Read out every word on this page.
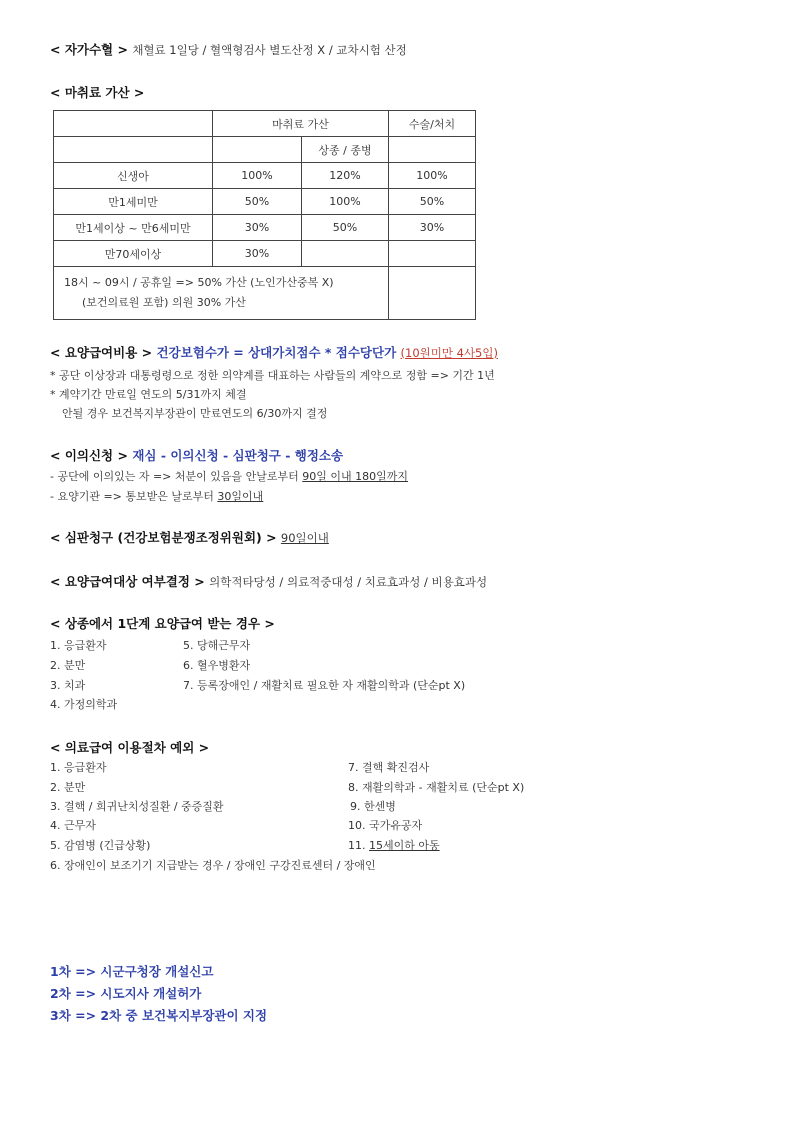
< 자가수혈 > 채혈료 1일당 / 혈액형검사 별도산정 X / 교차시험 산정
< 마취료 가산 >
	마취료 가산		수술/처치
		상종 / 종병	
신생아	100%	120%	100%
만1세미만	50%	100%	50%
만1세이상 ~ 만6세미만	30%	50%	30%
만70세이상	30%		

18시 ~ 09시 / 공휴일 => 50% 가산 (노인가산중복 X)
(보건의료원 포함) 의원 30% 가산			

< 요양급여비용 > 건강보험수가 = 상대가치점수 * 점수당단가 (10원미만 4사5입)
* 공단 이상장과 대통령령으로 정한 의약계를 대표하는 사람들의 계약으로 정함 => 기간 1년
* 계약기간 만료일 연도의 5/31까지 체결
안될 경우 보건복지부장관이 만료연도의 6/30까지 결정
< 이의신청 > 재심 - 이의신청 - 심판청구 - 행정소송
- 공단에 이의있는 자 => 처분이 있음을 안날로부터 90일 이내 180일까지
- 요양기관 => 통보받은 날로부터 30일이내
< 심판청구 (건강보험분쟁조정위원회) > 90일이내
< 요양급여대상 여부결정 > 의학적타당성 / 의료적중대성 / 치료효과성 / 비용효과성
< 상종에서 1단계 요양급여 받는 경우 >
1. 응급환자
2. 분만
3. 치과
4. 가정의학과
5. 당해근무자
6. 혈우병환자
7. 등록장애인 / 재활치료 필요한 자 재활의학과 (단순pt X)
< 의료급여 이용절차 예외 >
1. 응급환자
2. 분만
3. 결핵 / 희귀난치성질환 / 중증질환
4. 근무자
5. 감염병 (긴급상황)
7. 결핵 확진검사
8. 재활의학과 - 재활치료 (단순pt X)
9. 한센병
10. 국가유공자
11. 15세이하 아동
6. 장애인이 보조기기 지급받는 경우 / 장애인 구강진료센터 / 장애인
1차 => 시군구청장 개설신고
2차 => 시도지사 개설허가
3차 => 2차 중 보건복지부장관이 지정
